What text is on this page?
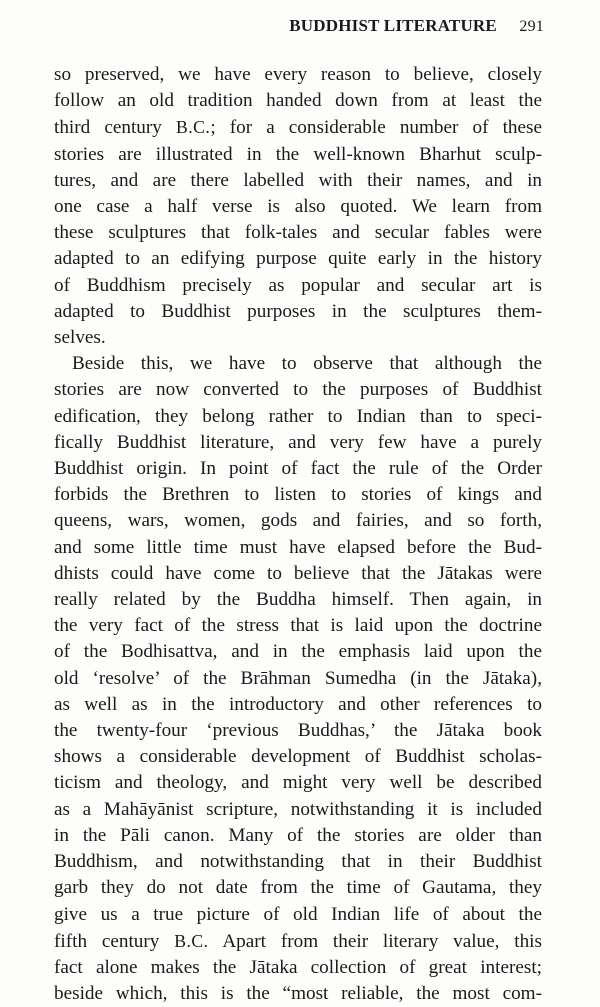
BUDDHIST LITERATURE 291

so preserved, we have every reason to believe, closely

follow an old tradition handed down from at least the

third century B.C.; for a considerable number of these

stories are illustrated in the well-known Bharhut sculp-

tures, and are there labelled with their names, and in

one case a half verse is also quoted. We learn from

these sculptures that folk-tales and secular fables were

adapted to an edifying purpose quite early in the history

of Buddhism precisely as popular and secular art is

adapted to Buddhist purposes in the sculptures them-

selves.

Beside this, we have to observe that although the

stories are now converted to the purposes of Buddhist

edification, they belong rather to Indian than to speci-

fically Buddhist literature, and very few have a purely

Buddhist origin. In point of fact the rule of the Order

forbids the Brethren to listen to stories of kings and

queens, wars, women, gods and fairies, and so forth,

and some little time must have elapsed before the Bud-

dhists could have come to believe that the Jātakas were

really related by the Buddha himself. Then again, in

the very fact of the stress that is laid upon the doctrine

of the Bodhisattva, and in the emphasis laid upon the

old ‘resolve’ of the Brāhman Sumedha (in the Jātaka),

as well as in the introductory and other references to

the twenty-four ‘previous Buddhas,’ the Jātaka book

shows a considerable development of Buddhist scholas-

ticism and theology, and might very well be described

as a Mahāyānist scripture, notwithstanding it is included

in the Pāli canon. Many of the stories are older than

Buddhism, and notwithstanding that in their Buddhist

garb they do not date from the time of Gautama, they

give us a true picture of old Indian life of about the

fifth century B.C. Apart from their literary value, this

fact alone makes the Jātaka collection of great interest;

beside which, this is the “most reliable, the most com-
